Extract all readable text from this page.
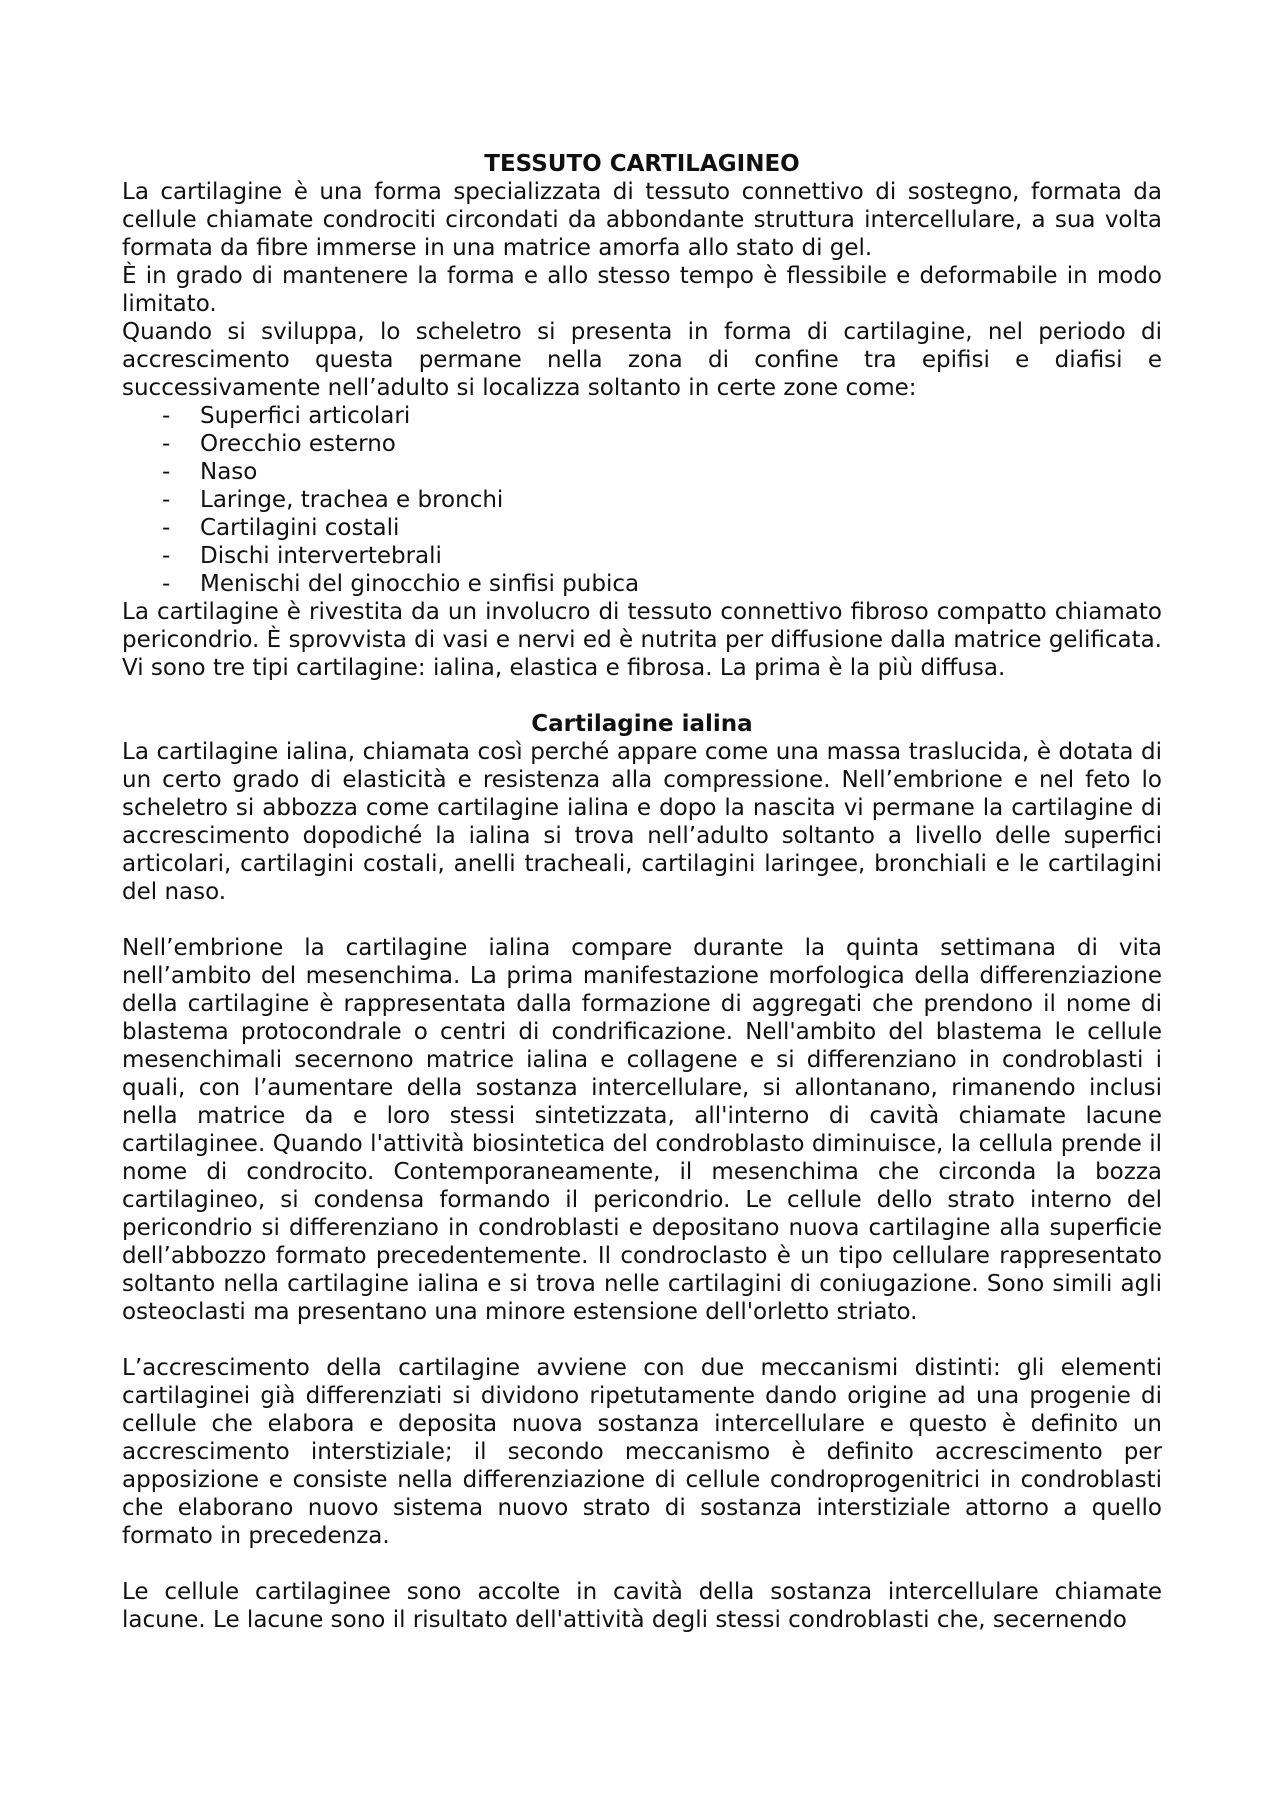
TESSUTO CARTILAGINEO

La cartilagine è una forma specializzata di tessuto connettivo di sostegno, formata da cellule chiamate condrociti circondati da abbondante struttura intercellulare, a sua volta formata da fibre immerse in una matrice amorfa allo stato di gel.

È in grado di mantenere la forma e allo stesso tempo è flessibile e deformabile in modo limitato.

Quando si sviluppa, lo scheletro si presenta in forma di cartilagine, nel periodo di accrescimento questa permane nella zona di confine tra epifisi e diafisi e successivamente nell’adulto si localizza soltanto in certe zone come:

- Superfici articolari
- Orecchio esterno
- Naso
- Laringe, trachea e bronchi
- Cartilagini costali
- Dischi intervertebrali
- Menischi del ginocchio e sinfisi pubica

La cartilagine è rivestita da un involucro di tessuto connettivo fibroso compatto chiamato pericondrio. È sprovvista di vasi e nervi ed è nutrita per diffusione dalla matrice gelificata. Vi sono tre tipi cartilagine: ialina, elastica e fibrosa. La prima è la più diffusa.

Cartilagine ialina

La cartilagine ialina, chiamata così perché appare come una massa traslucida, è dotata di un certo grado di elasticità e resistenza alla compressione. Nell’embrione e nel feto lo scheletro si abbozza come cartilagine ialina e dopo la nascita vi permane la cartilagine di accrescimento dopodiché la ialina si trova nell’adulto soltanto a livello delle superfici articolari, cartilagini costali, anelli tracheali, cartilagini laringee, bronchiali e le cartilagini del naso.

Nell’embrione la cartilagine ialina compare durante la quinta settimana di vita nell’ambito del mesenchima. La prima manifestazione morfologica della differenziazione della cartilagine è rappresentata dalla formazione di aggregati che prendono il nome di blastema protocondrale o centri di condrificazione. Nell'ambito del blastema le cellule mesenchimali secernono matrice ialina e collagene e si differenziano in condroblasti i quali, con l’aumentare della sostanza intercellulare, si allontanano, rimanendo inclusi nella matrice da e loro stessi sintetizzata, all'interno di cavità chiamate lacune cartilaginee. Quando l'attività biosintetica del condroblasto diminuisce, la cellula prende il nome di condrocito. Contemporaneamente, il mesenchima che circonda la bozza cartilagineo, si condensa formando il pericondrio. Le cellule dello strato interno del pericondrio si differenziano in condroblasti e depositano nuova cartilagine alla superficie dell’abbozzo formato precedentemente. Il condroclasto è un tipo cellulare rappresentato soltanto nella cartilagine ialina e si trova nelle cartilagini di coniugazione. Sono simili agli osteoclasti ma presentano una minore estensione dell'orletto striato.

L’accrescimento della cartilagine avviene con due meccanismi distinti: gli elementi cartilaginei già differenziati si dividono ripetutamente dando origine ad una progenie di cellule che elabora e deposita nuova sostanza intercellulare e questo è definito un accrescimento interstiziale; il secondo meccanismo è definito accrescimento per apposizione e consiste nella differenziazione di cellule condroprogenitrici in condroblasti che elaborano nuovo sistema nuovo strato di sostanza interstiziale attorno a quello formato in precedenza.

Le cellule cartilaginee sono accolte in cavità della sostanza intercellulare chiamate lacune. Le lacune sono il risultato dell'attività degli stessi condroblasti che, secernendo
